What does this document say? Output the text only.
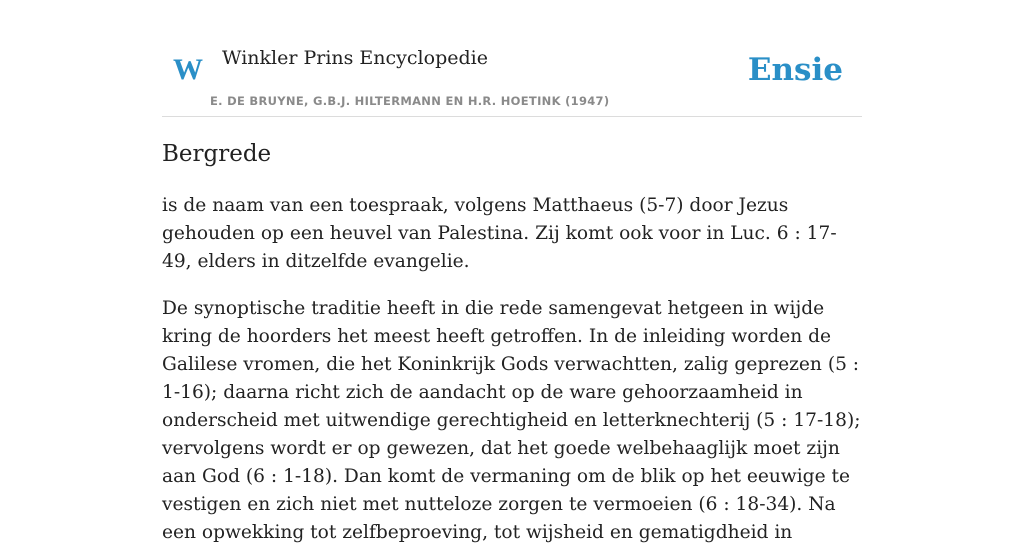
W Winkler Prins Encyclopedie
E. DE BRUYNE, G.B.J. HILTERMANN EN H.R. HOETINK (1947)
Ensie
Bergrede

is de naam van een toespraak, volgens Matthaeus (5-7) door Jezus gehouden op een heuvel van Palestina. Zij komt ook voor in Luc. 6 : 17-49, elders in ditzelfde evangelie.

De synoptische traditie heeft in die rede samengevat hetgeen in wijde kring de hoorders het meest heeft getroffen. In de inleiding worden de Galilese vromen, die het Koninkrijk Gods verwachtten, zalig geprezen (5 : 1-16); daarna richt zich de aandacht op de ware gehoorzaamheid in onderscheid met uitwendige gerechtigheid en letterknechterij (5 : 17-18); vervolgens wordt er op gewezen, dat het goede welbehaaglijk moet zijn aan God (6 : 1-18). Dan komt de vermaning om de blik op het eeuwige te vestigen en zich niet met nutteloze zorgen te vermoeien (6 : 18-34). Na een opwekking tot zelfbeproeving, tot wijsheid en gematigdheid in
